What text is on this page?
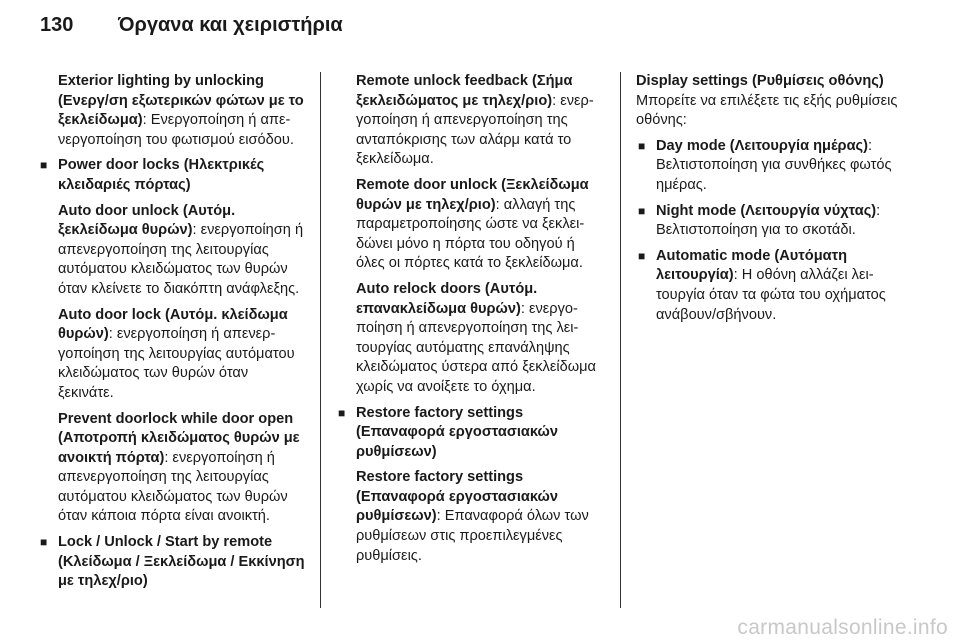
130	Όργανα και χειριστήρια

Exterior lighting by unlocking (Ενεργ/ση εξωτερικών φώτων με το ξεκλείδωμα): Ενεργοποίηση ή απενεργοποίηση του φωτισμού εισόδου.

■ Power door locks (Ηλεκτρικές κλειδαριές πόρτας)

Auto door unlock (Αυτόμ. ξεκλείδωμα θυρών): ενεργοποίηση ή απενεργοποίηση της λειτουργίας αυτόματου κλειδώματος των θυρών όταν κλείνετε το διακόπτη ανάφλεξης.

Auto door lock (Αυτόμ. κλείδωμα θυρών): ενεργοποίηση ή απενεργοποίηση της λειτουργίας αυτόματου κλειδώματος των θυρών όταν ξεκινάτε.

Prevent doorlock while door open (Αποτροπή κλειδώματος θυρών με ανοικτή πόρτα): ενεργοποίηση ή απενεργοποίηση της λειτουργίας αυτόματου κλειδώματος των θυρών όταν κάποια πόρτα είναι ανοικτή.

■ Lock / Unlock / Start by remote (Κλείδωμα / Ξεκλείδωμα / Εκκίνηση με τηλεχ/ριο)

Remote unlock feedback (Σήμα ξεκλειδώματος με τηλεχ/ριο): ενεργοποίηση ή απενεργοποίηση της ανταπόκρισης των αλάρμ κατά το ξεκλείδωμα.

Remote door unlock (Ξεκλείδωμα θυρών με τηλεχ/ριο): αλλαγή της παραμετροποίησης ώστε να ξεκλειδώνει μόνο η πόρτα του οδηγού ή όλες οι πόρτες κατά το ξεκλείδωμα.

Auto relock doors (Αυτόμ. επανακλείδωμα θυρών): ενεργοποίηση ή απενεργοποίηση της λειτουργίας αυτόματης επανάληψης κλειδώματος ύστερα από ξεκλείδωμα χωρίς να ανοίξετε το όχημα.

■ Restore factory settings (Επαναφορά εργοστασιακών ρυθμίσεων)

Restore factory settings (Επαναφορά εργοστασιακών ρυθμίσεων): Επαναφορά όλων των ρυθμίσεων στις προεπιλεγμένες ρυθμίσεις.

Display settings (Ρυθμίσεις οθόνης)

Μπορείτε να επιλέξετε τις εξής ρυθμίσεις οθόνης:

■ Day mode (Λειτουργία ημέρας): Βελτιστοποίηση για συνθήκες φωτός ημέρας.
■ Night mode (Λειτουργία νύχτας): Βελτιστοποίηση για το σκοτάδι.
■ Automatic mode (Αυτόματη λειτουργία): Η οθόνη αλλάζει λειτουργία όταν τα φώτα του οχήματος ανάβουν/σβήνουν.
carmanualsonline.info
